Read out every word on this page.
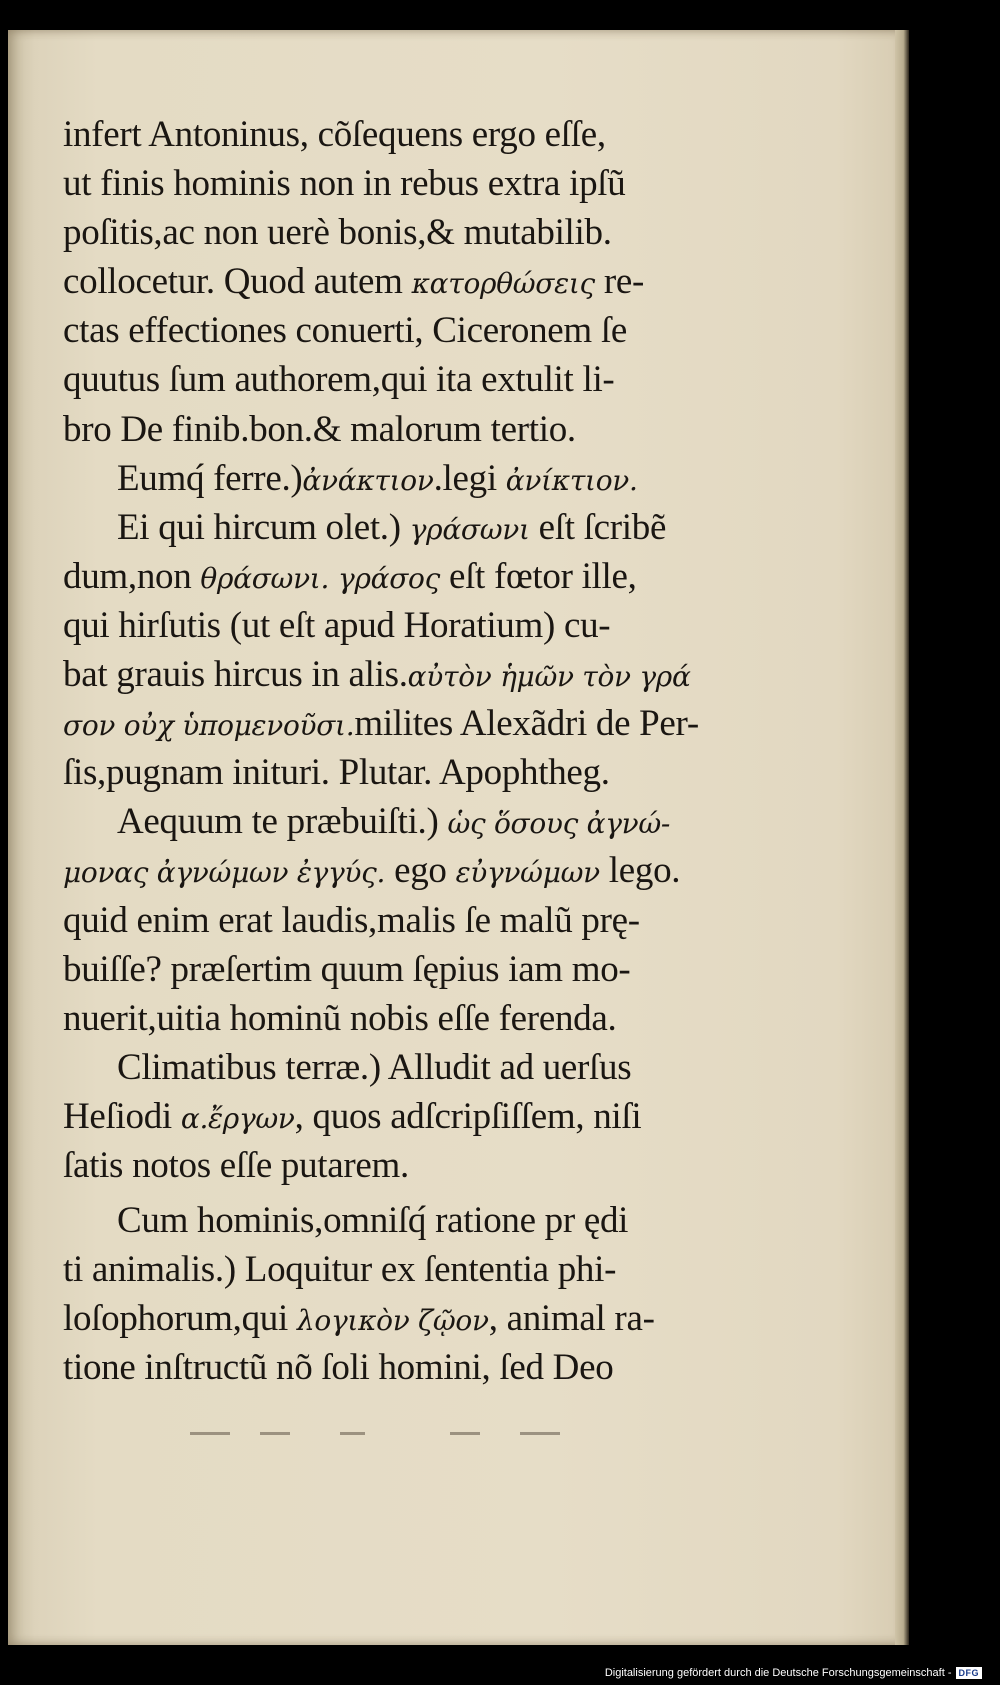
infert Antoninus, cõſequens ergo eſſe,
ut finis hominis non in rebus extra ipſũ
poſitis,ac non uerè bonis,& mutabilib.
collocetur. Quod autem κατορθώσεις re-
ctas effectiones conuerti, Ciceronem ſe
quutus ſum authorem,qui ita extulit li-
bro De finib.bon.& malorum tertio.
Eumq́ ferre.)ἀνάκτιον.legi ἀνίκτιον.
Ei qui hircum olet.) γράσωνι eſt ſcribẽ
dum,non θράσωνι. γράσος eſt fœtor ille,
qui hirſutis (ut eſt apud Horatium) cu-
bat grauis hircus in alis.αὐτὸν ἡμῶν τὸν γρά
σον οὐχ ὑπομενοῦσι.milites Alexãdri de Per-
ſis,pugnam inituri. Plutar. Apophtheg.
Aequum te præbuiſti.) ὡς ὅσους ἀγνώ-
μονας ἀγνώμων ἐγγύς. ego εὐγνώμων lego.
quid enim erat laudis,malis ſe malũ prę-
buiſſe? præſertim quum ſępius iam mo-
nuerit,uitia hominũ nobis eſſe ferenda.
Climatibus terræ.) Alludit ad uerſus
Heſiodi α.ἔργων, quos adſcripſiſſem, niſi
ſatis notos eſſe putarem.
Cum hominis,omniſq́ ratione pr ędi
ti animalis.) Loquitur ex ſententia phi-
loſophorum,qui λογικὸν ζῷον, animal ra-
tione inſtructũ nõ ſoli homini, ſed Deo
Digitalisierung gefördert durch die Deutsche Forschungsgemeinschaft - DFG
